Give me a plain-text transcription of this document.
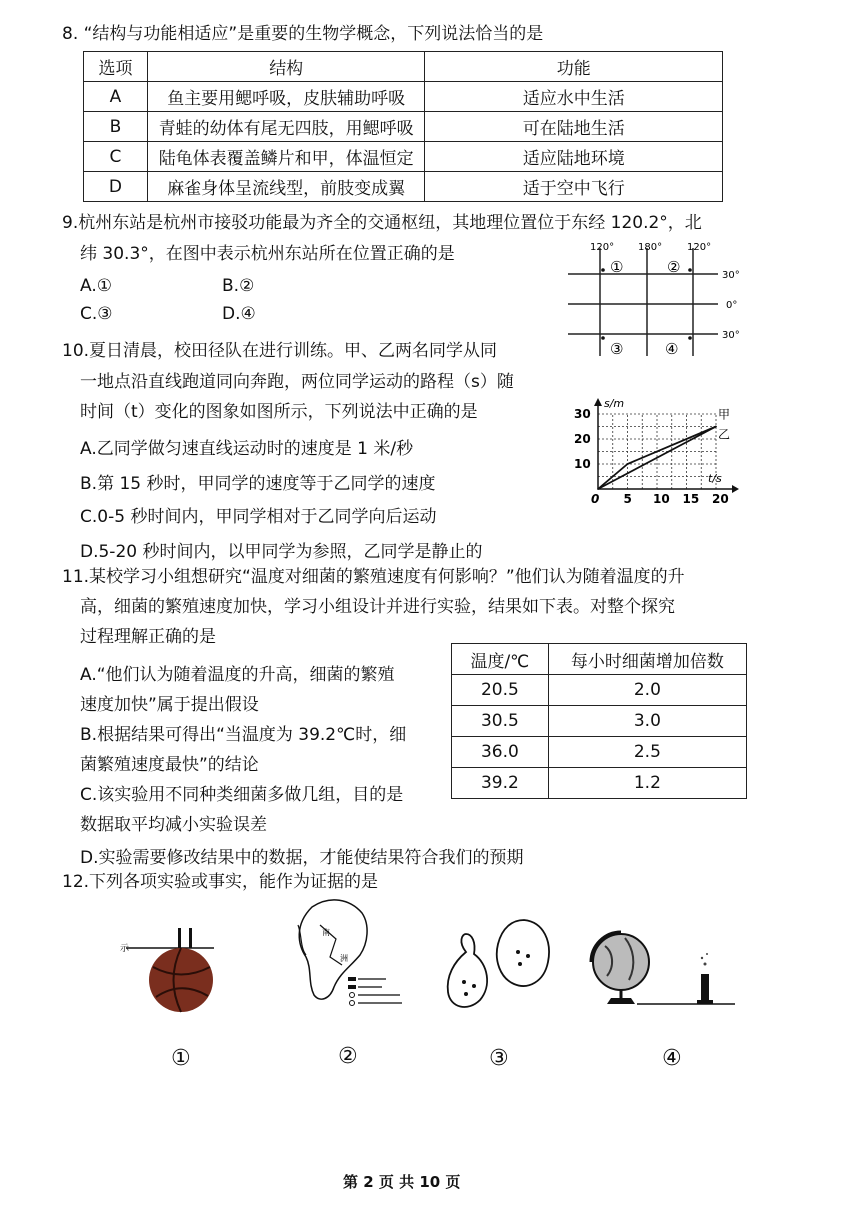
8. “结构与功能相适应”是重要的生物学概念，下列说法恰当的是
选项	结构	功能
A	鱼主要用鳃呼吸，皮肤辅助呼吸	适应水中生活
B	青蛙的幼体有尾无四肢，用鳃呼吸	可在陆地生活
C	陆龟体表覆盖鳞片和甲，体温恒定	适应陆地环境
D	麻雀身体呈流线型，前肢变成翼	适于空中飞行
9.杭州东站是杭州市接驳功能最为齐全的交通枢纽，其地理位置位于东经 120.2°，北
纬 30.3°，在图中表示杭州东站所在位置正确的是
A.①	B.②
C.③	D.④
120° 180° 120°
30°
0°
30°
①	②
③	④
10.夏日清晨，校田径队在进行训练。甲、乙两名同学从同
一地点沿直线跑道同向奔跑，两位同学运动的路程（s）随
时间（t）变化的图象如图所示，下列说法中正确的是
A.乙同学做匀速直线运动时的速度是 1 米/秒
B.第 15 秒时，甲同学的速度等于乙同学的速度
C.0-5 秒时间内，甲同学相对于乙同学向后运动
D.5-20 秒时间内，以甲同学为参照，乙同学是静止的
甲
乙
5 10 15 20
10
20
30
s/m
t/s
0
11.某校学习小组想研究“温度对细菌的繁殖速度有何影响？”他们认为随着温度的升
高，细菌的繁殖速度加快，学习小组设计并进行实验，结果如下表。对整个探究
过程理解正确的是
A.“他们认为随着温度的升高，细菌的繁殖
速度加快”属于提出假设
B.根据结果可得出“当温度为 39.2℃时，细
菌繁殖速度最快”的结论
C.该实验用不同种类细菌多做几组，目的是
数据取平均减小实验误差
D.实验需要修改结果中的数据，才能使结果符合我们的预期
温度/℃	每小时细菌增加倍数
20.5	2.0
30.5	3.0
36.0	2.5
39.2	1.2
12.下列各项实验或事实，能作为证据的是
示
南
洲
①	②	③	④
第 2 页 共 10 页
